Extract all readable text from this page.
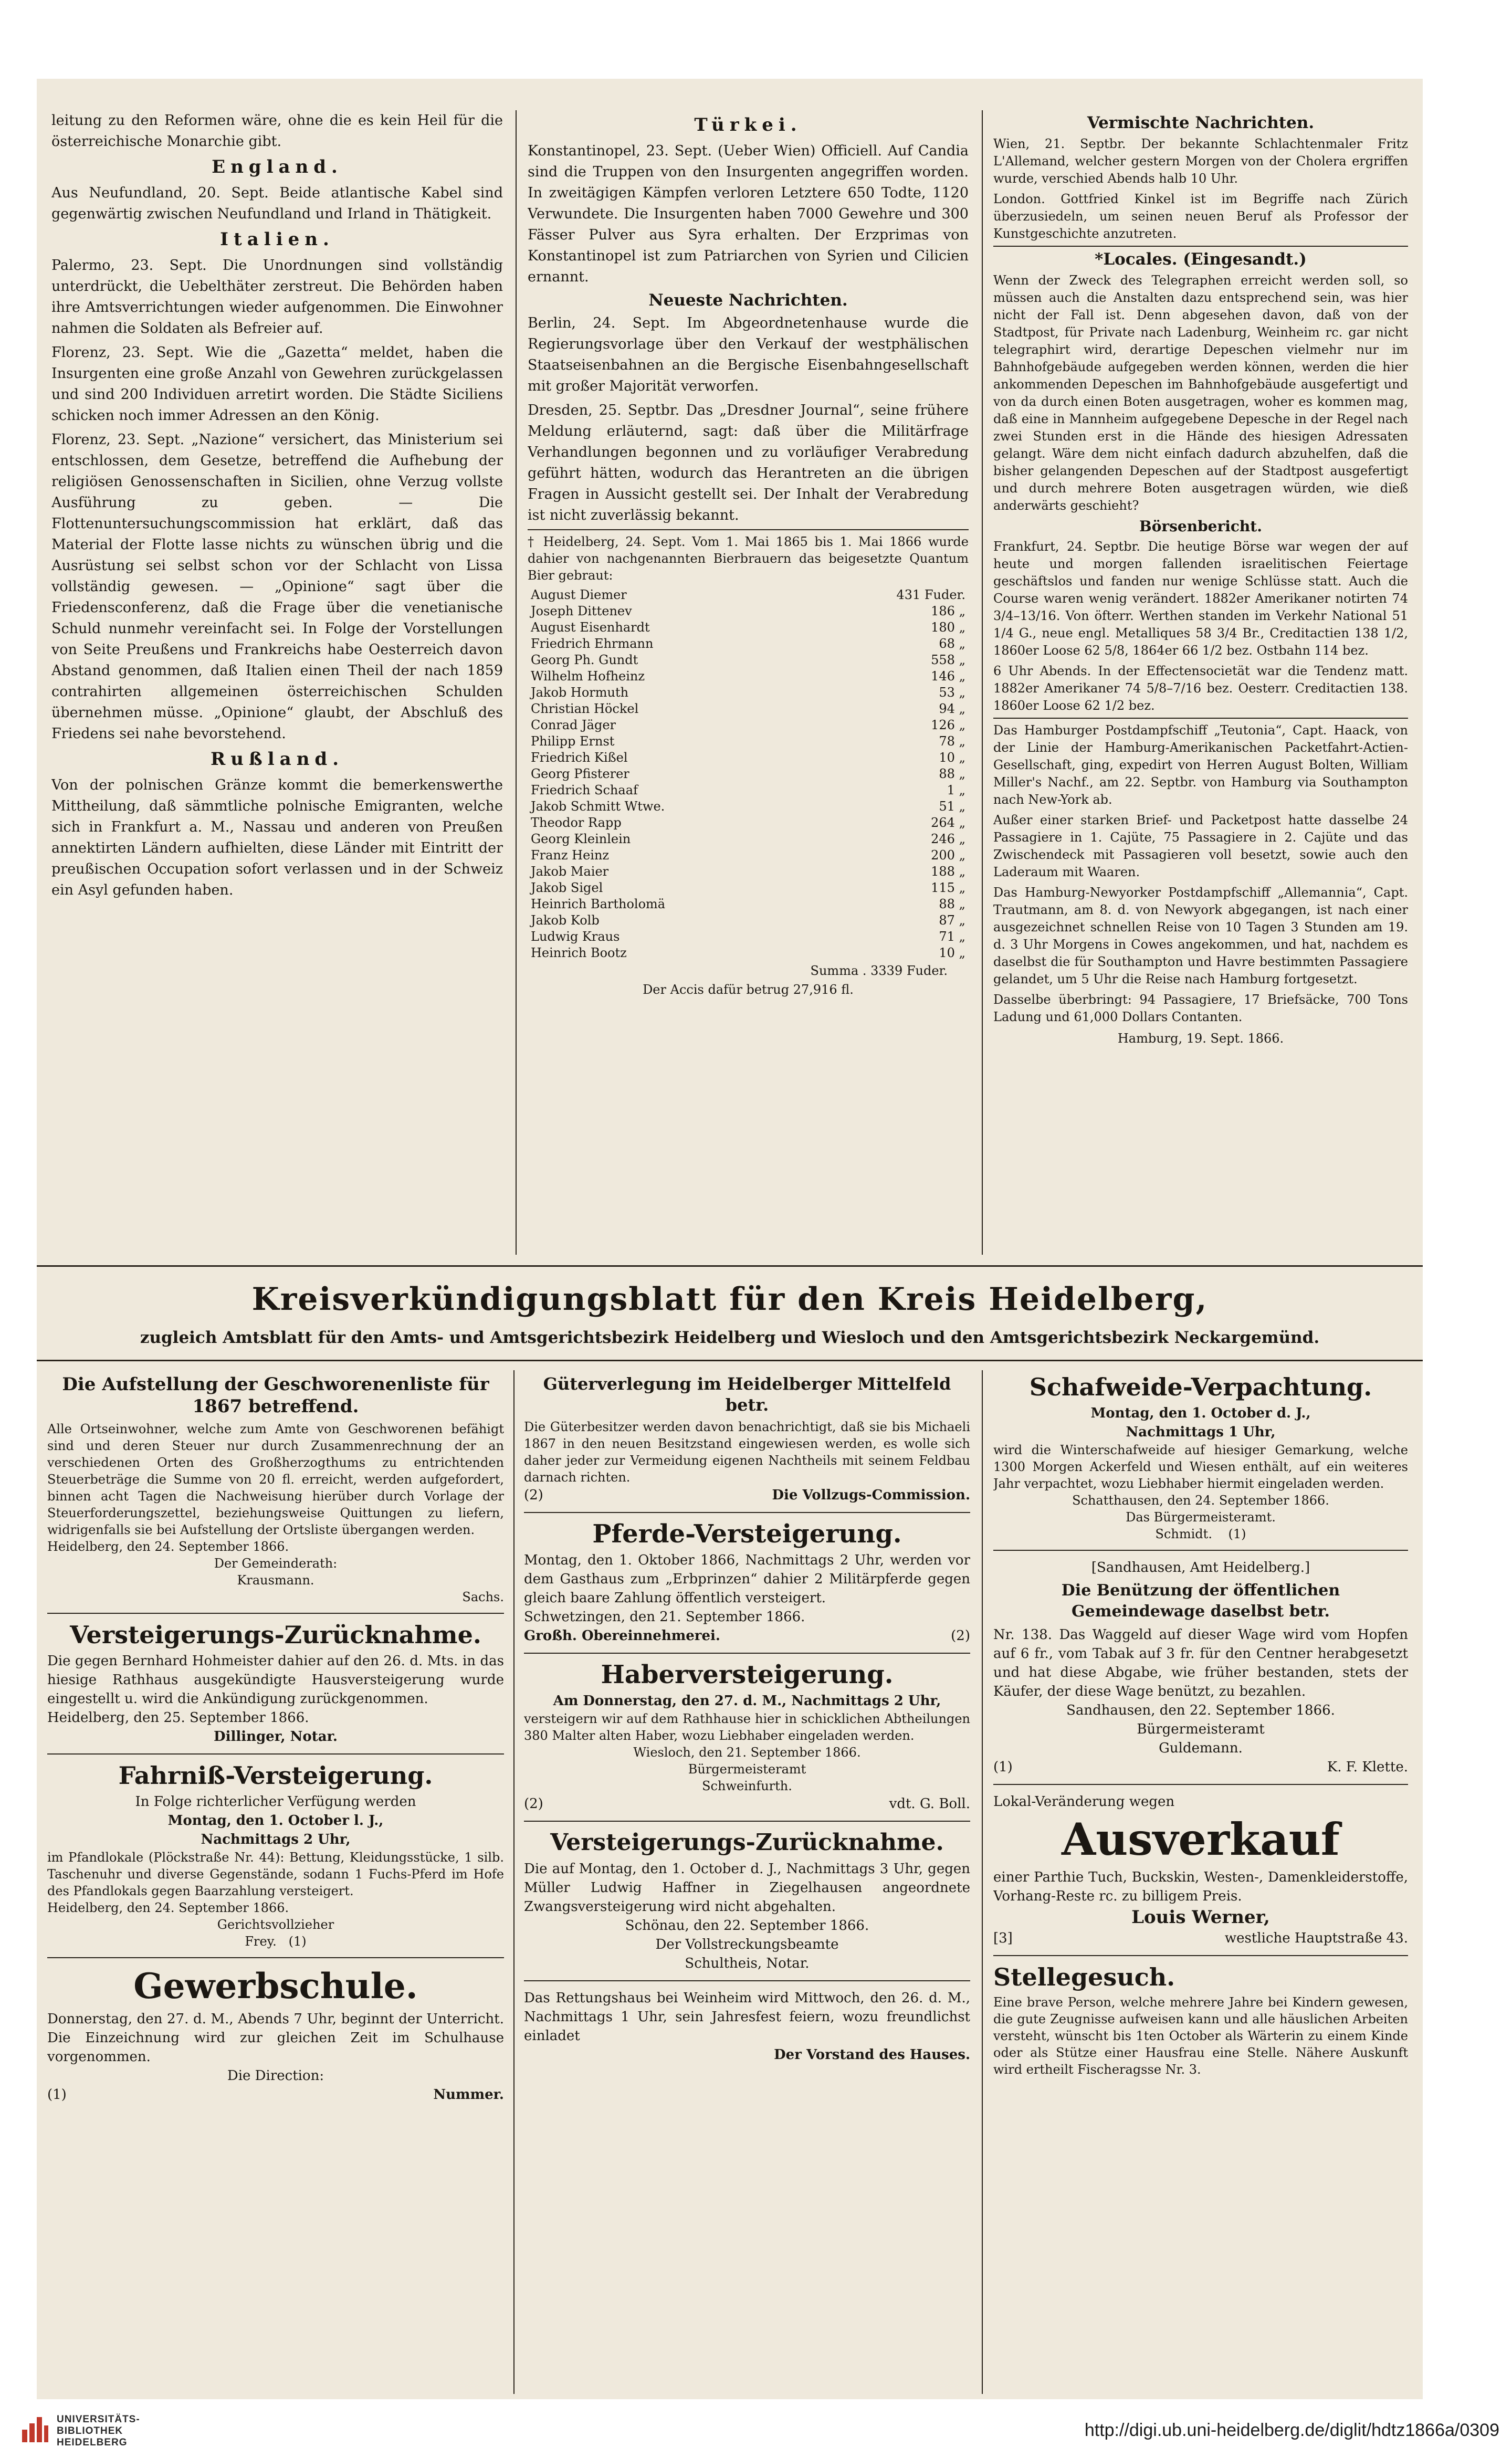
leitung zu den Reformen wäre, ohne die es kein Heil für die österreichische Monarchie gibt.

England.

Aus Neufundland, 20. Sept. Beide atlantische Kabel sind gegenwärtig zwischen Neufundland und Irland in Thätigkeit.

Italien.

Palermo, 23. Sept. Die Unordnungen sind vollständig unterdrückt, die Uebelthäter zerstreut. Die Behörden haben ihre Amtsverrichtungen wieder aufgenommen. Die Einwohner nahmen die Soldaten als Befreier auf.

Florenz, 23. Sept. Wie die „Gazetta“ meldet, haben die Insurgenten eine große Anzahl von Gewehren zurückgelassen und sind 200 Individuen arretirt worden. Die Städte Siciliens schicken noch immer Adressen an den König.

Florenz, 23. Sept. „Nazione“ versichert, das Ministerium sei entschlossen, dem Gesetze, betreffend die Aufhebung der religiösen Genossenschaften in Sicilien, ohne Verzug vollste Ausführung zu geben. — Die Flottenuntersuchungscommission hat erklärt, daß das Material der Flotte lasse nichts zu wünschen übrig und die Ausrüstung sei selbst schon vor der Schlacht von Lissa vollständig gewesen. — „Opinione“ sagt über die Friedensconferenz, daß die Frage über die venetianische Schuld nunmehr vereinfacht sei. In Folge der Vorstellungen von Seite Preußens und Frankreichs habe Oesterreich davon Abstand genommen, daß Italien einen Theil der nach 1859 contrahirten allgemeinen österreichischen Schulden übernehmen müsse. „Opinione“ glaubt, der Abschluß des Friedens sei nahe bevorstehend.

Rußland.

Von der polnischen Gränze kommt die bemerkenswerthe Mittheilung, daß sämmtliche polnische Emigranten, welche sich in Frankfurt a. M., Nassau und anderen von Preußen annektirten Ländern aufhielten, diese Länder mit Eintritt der preußischen Occupation sofort verlassen und in der Schweiz ein Asyl gefunden haben.

Türkei.

Konstantinopel, 23. Sept. (Ueber Wien) Officiell. Auf Candia sind die Truppen von den Insurgenten angegriffen worden. In zweitägigen Kämpfen verloren Letztere 650 Todte, 1120 Verwundete. Die Insurgenten haben 7000 Gewehre und 300 Fässer Pulver aus Syra erhalten. Der Erzprimas von Konstantinopel ist zum Patriarchen von Syrien und Cilicien ernannt.

Neueste Nachrichten.

Berlin, 24. Sept. Im Abgeordnetenhause wurde die Regierungsvorlage über den Verkauf der westphälischen Staatseisenbahnen an die Bergische Eisenbahngesellschaft mit großer Majorität verworfen.

Dresden, 25. Septbr. Das „Dresdner Journal“, seine frühere Meldung erläuternd, sagt: daß über die Militärfrage Verhandlungen begonnen und zu vorläufiger Verabredung geführt hätten, wodurch das Herantreten an die übrigen Fragen in Aussicht gestellt sei. Der Inhalt der Verabredung ist nicht zuverlässig bekannt.

† Heidelberg, 24. Sept. Vom 1. Mai 1865 bis 1. Mai 1866 wurde dahier von nachgenannten Bierbrauern das beigesetzte Quantum Bier gebraut:

August Diemer	431 Fuder.
Joseph Dittenev	186 „
August Eisenhardt	180 „
Friedrich Ehrmann	68 „
Georg Ph. Gundt	558 „
Wilhelm Hofheinz	146 „
Jakob Hormuth	53 „
Christian Höckel	94 „
Conrad Jäger	126 „
Philipp Ernst	78 „
Friedrich Kißel	10 „
Georg Pfisterer	88 „
Friedrich Schaaf	1 „
Jakob Schmitt Wtwe.	51 „
Theodor Rapp	264 „
Georg Kleinlein	246 „
Franz Heinz	200 „
Jakob Maier	188 „
Jakob Sigel	115 „
Heinrich Bartholomä	88 „
Jakob Kolb	87 „
Ludwig Kraus	71 „
Heinrich Bootz	10 „

Summa . 3339 Fuder.

Der Accis dafür betrug 27,916 fl.

Vermischte Nachrichten.

Wien, 21. Septbr. Der bekannte Schlachtenmaler Fritz L'Allemand, welcher gestern Morgen von der Cholera ergriffen wurde, verschied Abends halb 10 Uhr.

London. Gottfried Kinkel ist im Begriffe nach Zürich überzusiedeln, um seinen neuen Beruf als Professor der Kunstgeschichte anzutreten.

*Locales. (Eingesandt.)

Wenn der Zweck des Telegraphen erreicht werden soll, so müssen auch die Anstalten dazu entsprechend sein, was hier nicht der Fall ist. Denn abgesehen davon, daß von der Stadtpost, für Private nach Ladenburg, Weinheim rc. gar nicht telegraphirt wird, derartige Depeschen vielmehr nur im Bahnhofgebäude aufgegeben werden können, werden die hier ankommenden Depeschen im Bahnhofgebäude ausgefertigt und von da durch einen Boten ausgetragen, woher es kommen mag, daß eine in Mannheim aufgegebene Depesche in der Regel nach zwei Stunden erst in die Hände des hiesigen Adressaten gelangt. Wäre dem nicht einfach dadurch abzuhelfen, daß die bisher gelangenden Depeschen auf der Stadtpost ausgefertigt und durch mehrere Boten ausgetragen würden, wie dieß anderwärts geschieht?

Börsenbericht.

Frankfurt, 24. Septbr. Die heutige Börse war wegen der auf heute und morgen fallenden israelitischen Feiertage geschäftslos und fanden nur wenige Schlüsse statt. Auch die Course waren wenig verändert. 1882er Amerikaner notirten 74 3/4–13/16. Von öfterr. Werthen standen im Verkehr National 51 1/4 G., neue engl. Metalliques 58 3/4 Br., Creditactien 138 1/2, 1860er Loose 62 5/8, 1864er 66 1/2 bez. Ostbahn 114 bez.

6 Uhr Abends. In der Effectensocietät war die Tendenz matt. 1882er Amerikaner 74 5/8–7/16 bez. Oesterr. Creditactien 138. 1860er Loose 62 1/2 bez.

Das Hamburger Postdampfschiff „Teutonia“, Capt. Haack, von der Linie der Hamburg-Amerikanischen Packetfahrt-Actien-Gesellschaft, ging, expedirt von Herren August Bolten, William Miller's Nachf., am 22. Septbr. von Hamburg via Southampton nach New-York ab.

Außer einer starken Brief- und Packetpost hatte dasselbe 24 Passagiere in 1. Cajüte, 75 Passagiere in 2. Cajüte und das Zwischendeck mit Passagieren voll besetzt, sowie auch den Laderaum mit Waaren.

Das Hamburg-Newyorker Postdampfschiff „Allemannia“, Capt. Trautmann, am 8. d. von Newyork abgegangen, ist nach einer ausgezeichnet schnellen Reise von 10 Tagen 3 Stunden am 19. d. 3 Uhr Morgens in Cowes angekommen, und hat, nachdem es daselbst die für Southampton und Havre bestimmten Passagiere gelandet, um 5 Uhr die Reise nach Hamburg fortgesetzt.

Dasselbe überbringt: 94 Passagiere, 17 Briefsäcke, 700 Tons Ladung und 61,000 Dollars Contanten.

Hamburg, 19. Sept. 1866.

Kreisverkündigungsblatt für den Kreis Heidelberg,
zugleich Amtsblatt für den Amts- und Amtsgerichtsbezirk Heidelberg und Wiesloch und den Amtsgerichtsbezirk Neckargemünd.
Die Aufstellung der Geschworenenliste für 1867 betreffend.

Alle Ortseinwohner, welche zum Amte von Geschworenen befähigt sind und deren Steuer nur durch Zusammenrechnung der an verschiedenen Orten des Großherzogthums zu entrichtenden Steuerbeträge die Summe von 20 fl. erreicht, werden aufgefordert, binnen acht Tagen die Nachweisung hierüber durch Vorlage der Steuerforderungszettel, beziehungsweise Quittungen zu liefern, widrigenfalls sie bei Aufstellung der Ortsliste übergangen werden.

Heidelberg, den 24. September 1866.

Der Gemeinderath:

Krausmann.

Sachs.

Versteigerungs-Zurücknahme.

Die gegen Bernhard Hohmeister dahier auf den 26. d. Mts. in das hiesige Rathhaus ausgekündigte Hausversteigerung wurde eingestellt u. wird die Ankündigung zurückgenommen.

Heidelberg, den 25. September 1866.

Dillinger, Notar.

Fahrniß-Versteigerung.

In Folge richterlicher Verfügung werden

Montag, den 1. October l. J.,

Nachmittags 2 Uhr,

im Pfandlokale (Plöckstraße Nr. 44): Bettung, Kleidungsstücke, 1 silb. Taschenuhr und diverse Gegenstände, sodann 1 Fuchs-Pferd im Hofe des Pfandlokals gegen Baarzahlung versteigert.

Heidelberg, den 24. September 1866.

Gerichtsvollzieher

Frey. (1)

Gewerbschule.

Donnerstag, den 27. d. M., Abends 7 Uhr, beginnt der Unterricht. Die Einzeichnung wird zur gleichen Zeit im Schulhause vorgenommen.

Die Direction:

(1)	Nummer.

Güterverlegung im Heidelberger Mittelfeld betr.

Die Güterbesitzer werden davon benachrichtigt, daß sie bis Michaeli 1867 in den neuen Besitzstand eingewiesen werden, es wolle sich daher jeder zur Vermeidung eigenen Nachtheils mit seinem Feldbau darnach richten.

(2)	Die Vollzugs-Commission.

Pferde-Versteigerung.

Montag, den 1. Oktober 1866, Nachmittags 2 Uhr, werden vor dem Gasthaus zum „Erbprinzen“ dahier 2 Militärpferde gegen gleich baare Zahlung öffentlich versteigert.

Schwetzingen, den 21. September 1866.

Großh. Obereinnehmerei.	(2)

Haberversteigerung.

Am Donnerstag, den 27. d. M., Nachmittags 2 Uhr,

versteigern wir auf dem Rathhause hier in schicklichen Abtheilungen 380 Malter alten Haber, wozu Liebhaber eingeladen werden.

Wiesloch, den 21. September 1866.

Bürgermeisteramt

Schweinfurth.

(2)	vdt. G. Boll.

Versteigerungs-Zurücknahme.

Die auf Montag, den 1. October d. J., Nachmittags 3 Uhr, gegen Müller Ludwig Haffner in Ziegelhausen angeordnete Zwangsversteigerung wird nicht abgehalten.

Schönau, den 22. September 1866.

Der Vollstreckungsbeamte

Schultheis, Notar.

Das Rettungshaus bei Weinheim wird Mittwoch, den 26. d. M., Nachmittags 1 Uhr, sein Jahresfest feiern, wozu freundlichst einladet

Der Vorstand des Hauses.

Schafweide-Verpachtung.

Montag, den 1. October d. J.,

Nachmittags 1 Uhr,

wird die Winterschafweide auf hiesiger Gemarkung, welche 1300 Morgen Ackerfeld und Wiesen enthält, auf ein weiteres Jahr verpachtet, wozu Liebhaber hiermit eingeladen werden.

Schatthausen, den 24. September 1866.

Das Bürgermeisteramt.

Schmidt. (1)

[Sandhausen, Amt Heidelberg.]

Die Benützung der öffentlichen Gemeindewage daselbst betr.

Nr. 138. Das Waggeld auf dieser Wage wird vom Hopfen auf 6 fr., vom Tabak auf 3 fr. für den Centner herabgesetzt und hat diese Abgabe, wie früher bestanden, stets der Käufer, der diese Wage benützt, zu bezahlen.

Sandhausen, den 22. September 1866.

Bürgermeisteramt

Guldemann.

(1)	K. F. Klette.

Lokal-Veränderung wegen

Ausverkauf

einer Parthie Tuch, Buckskin, Westen-, Damenkleiderstoffe, Vorhang-Reste rc. zu billigem Preis.

Louis Werner,

[3]	westliche Hauptstraße 43.

Stellegesuch.

Eine brave Person, welche mehrere Jahre bei Kindern gewesen, die gute Zeugnisse aufweisen kann und alle häuslichen Arbeiten versteht, wünscht bis 1ten October als Wärterin zu einem Kinde oder als Stütze einer Hausfrau eine Stelle. Nähere Auskunft wird ertheilt Fischeragsse Nr. 3.

UNIVERSITÄTS-
BIBLIOTHEK
HEIDELBERG
http://digi.ub.uni-heidelberg.de/diglit/hdtz1866a/0309
